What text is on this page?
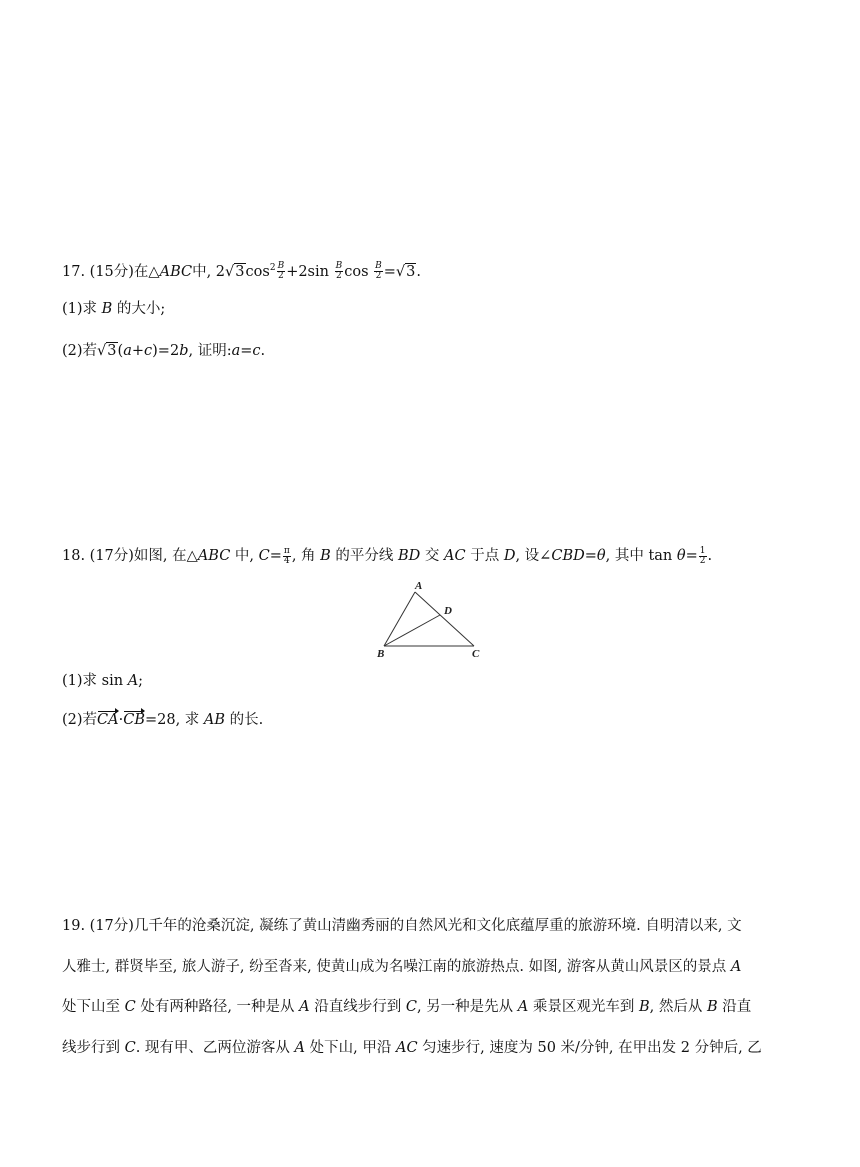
17. (15分)在△ABC中, $2√3\cos^2 \frac{B}{2} +2\sin \frac{B}{2}$ $\cos \frac{B}{2} =√3$.
(1)求 B 的大小;
(2)若√3(a+c)=2b, 证明:a=c.
18. (17分)如图, 在△ABC 中, $C= \frac{\pi}{4}$ , 角 B 的平分线 BD 交 AC 于点 D, 设∠CBD=θ, 其中 $\tan \theta= \frac{1}{2}$ .
A
B	C
D
(1)求 sin A;
(2)若CA·CB=28, 求 AB 的长.
19. (17分)几千年的沧桑沉淀, 凝练了黄山清幽秀丽的自然风光和文化底蕴厚重的旅游环境. 自明清以来, 文
人雅士, 群贤毕至, 旅人游子, 纷至沓来, 使黄山成为名噪江南的旅游热点. 如图, 游客从黄山风景区的景点 A
处下山至 C 处有两种路径, 一种是从 A 沿直线步行到 C, 另一种是先从 A 乘景区观光车到 B, 然后从 B 沿直
线步行到 C. 现有甲、乙两位游客从 A 处下山, 甲沿 AC 匀速步行, 速度为 50 米/分钟, 在甲出发 2 分钟后, 乙
